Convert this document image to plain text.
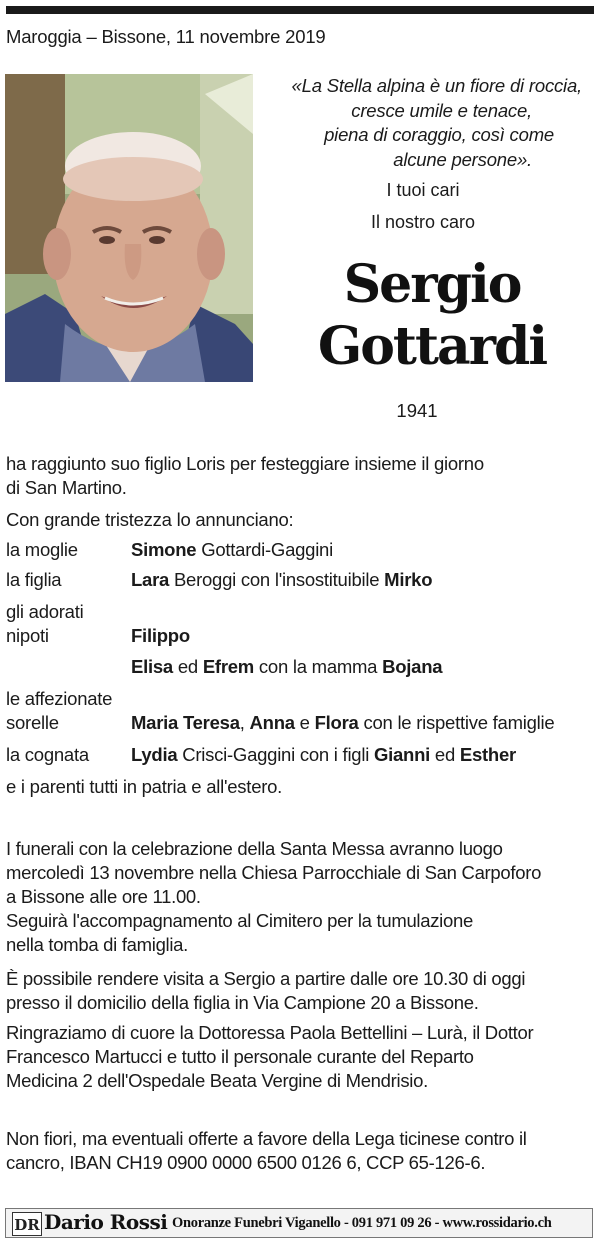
Maroggia – Bissone, 11 novembre 2019
«La Stella alpina è un fiore di roccia,
cresce umile e tenace,
piena di coraggio, così come
alcune persone».
I tuoi cari
Il nostro caro
Sergio
Gottardi
1941
ha raggiunto suo figlio Loris per festeggiare insieme il giorno
di San Martino.
Con grande tristezza lo annunciano:
la moglie	Simone Gottardi-Gaggini
la figlia	Lara Beroggi con l'insostituibile Mirko
gli adorati
nipoti	Filippo
Elisa ed Efrem con la mamma Bojana
le affezionate
sorelle	Maria Teresa, Anna e Flora con le rispettive famiglie
la cognata Lydia Crisci-Gaggini con i figli Gianni ed Esther
e i parenti tutti in patria e all'estero.
I funerali con la celebrazione della Santa Messa avranno luogo
mercoledì 13 novembre nella Chiesa Parrocchiale di San Carpoforo
a Bissone alle ore 11.00.
Seguirà l'accompagnamento al Cimitero per la tumulazione
nella tomba di famiglia.
È possibile rendere visita a Sergio a partire dalle ore 10.30 di oggi
presso il domicilio della figlia in Via Campione 20 a Bissone.
Ringraziamo di cuore la Dottoressa Paola Bettellini – Lurà, il Dottor
Francesco Martucci e tutto il personale curante del Reparto
Medicina 2 dell'Ospedale Beata Vergine di Mendrisio.
Non fiori, ma eventuali offerte a favore della Lega ticinese contro il
cancro, IBAN CH19 0900 0000 6500 0126 6, CCP 65-126-6.
DR Dario Rossi Onoranze Funebri Viganello - 091 971 09 26 - www.rossidario.ch
